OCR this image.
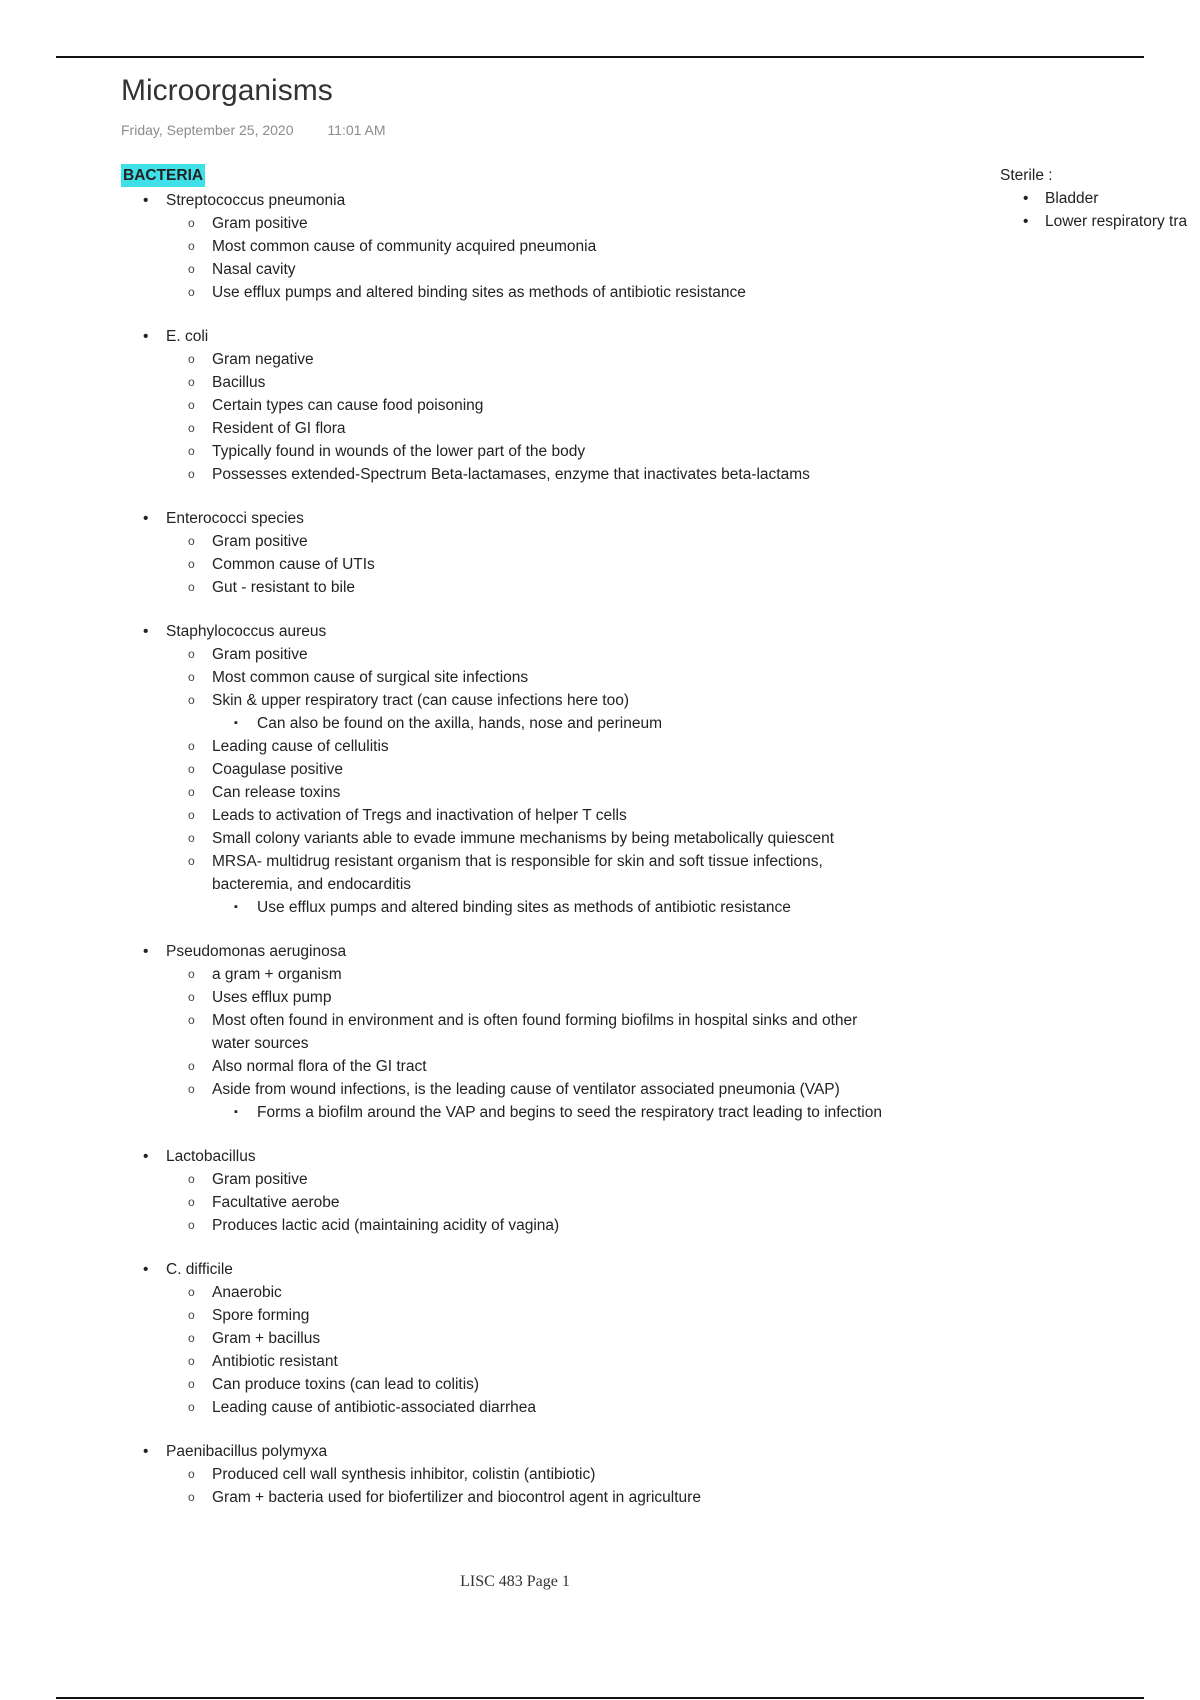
Microorganisms
Friday, September 25, 2020 11:01 AM
BACTERIA
• Streptococcus pneumonia
o Gram positive
o Most common cause of community acquired pneumonia
o Nasal cavity
o Use efflux pumps and altered binding sites as methods of antibiotic resistance
• E. coli
o Gram negative
o Bacillus
o Certain types can cause food poisoning
o Resident of GI flora
o Typically found in wounds of the lower part of the body
o Possesses extended-Spectrum Beta-lactamases, enzyme that inactivates beta-lactams
• Enterococci species
o Gram positive
o Common cause of UTIs
o Gut - resistant to bile
• Staphylococcus aureus
o Gram positive
o Most common cause of surgical site infections
o Skin & upper respiratory tract (can cause infections here too)
▪ Can also be found on the axilla, hands, nose and perineum
o Leading cause of cellulitis
o Coagulase positive
o Can release toxins
o Leads to activation of Tregs and inactivation of helper T cells
o Small colony variants able to evade immune mechanisms by being metabolically quiescent
o MRSA- multidrug resistant organism that is responsible for skin and soft tissue infections,
bacteremia, and endocarditis
▪ Use efflux pumps and altered binding sites as methods of antibiotic resistance
• Pseudomonas aeruginosa
o a gram + organism
o Uses efflux pump
o Most often found in environment and is often found forming biofilms in hospital sinks and other
water sources
o Also normal flora of the GI tract
o Aside from wound infections, is the leading cause of ventilator associated pneumonia (VAP)
▪ Forms a biofilm around the VAP and begins to seed the respiratory tract leading to infection
• Lactobacillus
o Gram positive
o Facultative aerobe
o Produces lactic acid (maintaining acidity of vagina)
• C. difficile
o Anaerobic
o Spore forming
o Gram + bacillus
o Antibiotic resistant
o Can produce toxins (can lead to colitis)
o Leading cause of antibiotic-associated diarrhea
• Paenibacillus polymyxa
o Produced cell wall synthesis inhibitor, colistin (antibiotic)
o Gram + bacteria used for biofertilizer and biocontrol agent in agriculture
Sterile :
• Bladder
• Lower respiratory tra
LISC 483 Page 1
